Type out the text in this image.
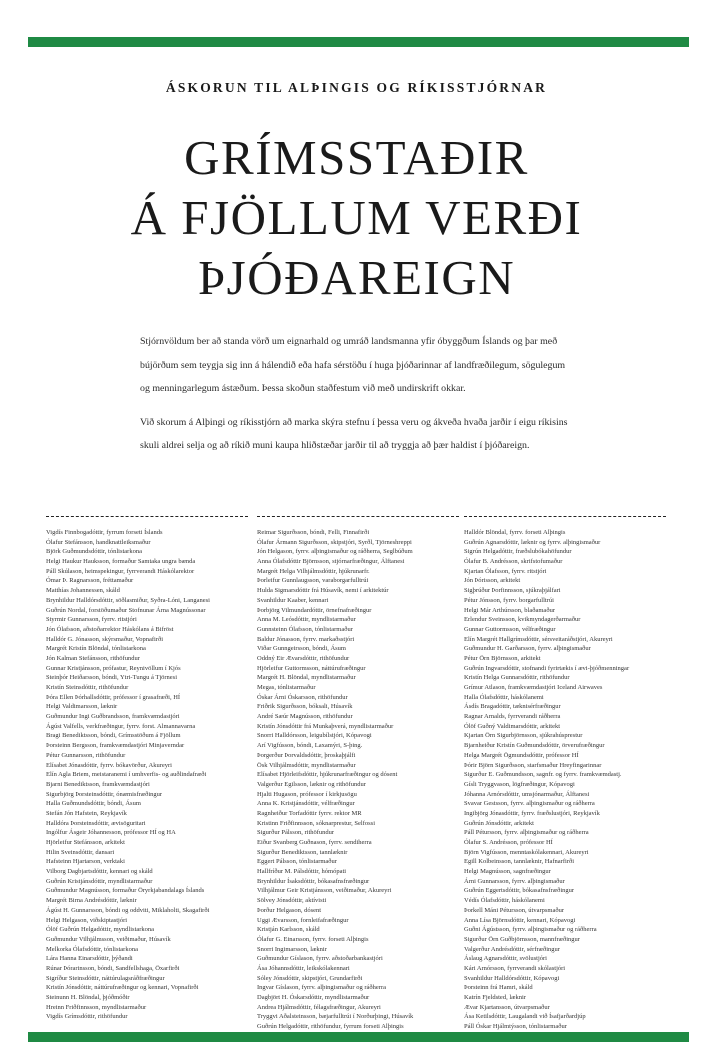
ÁSKORUN TIL ALÞINGIS OG RÍKISSTJÓRNAR
GRÍMSSTAÐIR
Á FJÖLLUM VERÐI
ÞJÓÐAREIGN

Stjórnvöldum ber að standa vörð um eignarhald og umráð landsmanna yfir óbyggðum Íslands og þar með bújörðum sem teygja sig inn á hálendið eða hafa sérstöðu í huga þjóðarinnar af landfræðilegum, sögulegum og menningarlegum ástæðum. Þessa skoðun staðfestum við með undirskrift okkar.

Við skorum á Alþingi og ríkisstjórn að marka skýra stefnu í þessa veru og ákveða hvaða jarðir í eigu ríkisins skuli aldrei selja og að ríkið muni kaupa hliðstæðar jarðir til að tryggja að þær haldist í þjóðareign.

Vigdís Finnbogadóttir, fyrrum forseti Íslands
Ólafur Stefánsson, handknattleiksmaður
Björk Guðmundsdóttir, tónlistarkona
Helgi Haukur Hauksson, formaður Samtaka ungra bænda
Páll Skúlason, heimspekingur, fyrrverandi Háskólarektor
Ómar Þ. Ragnarsson, fréttamaður
Matthías Johannessen, skáld
Brynhildur Halldórsdóttir, söðlasmiður, Syðra-Lóni, Langanesi
Guðrún Nordal, forstöðumaður Stofnunar Árna Magnússonar
Styrmir Gunnarsson, fyrrv. ritstjóri
Jón Ólafsson, aðstoðarrektor Háskólans á Bifröst
Halldór G. Jónasson, skýrsmaður, Vopnafirði
Margrét Kristín Blöndal, tónlistarkona
Jón Kalman Stefánsson, rithöfundur
Gunnar Kristjánsson, prófastur, Reynivöllum í Kjós
Steinþór Heiðarsson, bóndi, Ytri-Tungu á Tjörnesi
Kristín Steinsdóttir, rithöfundur
Þóra Ellen Þórhallsdóttir, prófessor í grasafræði, HÍ
Helgi Valdimarsson, læknir
Guðmundur Ingi Guðbrandsson, framkvæmdastjóri
Ágúst Valfells, verkfræðingur, fyrrv. forst. Almannavarna
Bragi Benediktsson, bóndi, Grímsstöðum á Fjöllum
Þorsteinn Bergsson, framkvæmdastjóri Minjaverndar
Pétur Gunnarsson, rithöfundur
Elísabet Jónasdóttir, fyrrv. bókavörður, Akureyri
Elín Agla Briem, meistaranemi í umhverfis- og auðlindafræði
Bjarni Benediktsson, framkvæmdastjóri
Sigurbjörg Þorsteinsdóttir, ónæmisfræðingur
Halla Guðmundsdóttir, bóndi, Ásum
Stefán Jón Hafstein, Reykjavík
Halldóra Þorsteinsdóttir, ævisöguritari
Ingólfur Ásgeir Jóhannesson, prófessor HÍ og HA
Hjörleifur Stefánsson, arkitekt
Hilin Sveinsdóttir, dansari
Hafsteinn Hjartarson, verktaki
Vilborg Dagbjartsdóttir, kennari og skáld
Guðrún Kristjánsdóttir, myndlistarmaður
Guðmundur Magnússon, formaður Öryrkjabandalags Íslands
Margrét Birna Andrésdóttir, læknir
Ágúst H. Gunnarsson, bóndi og oddviti, Miklaholti, Skagafirði
Helgi Helgason, viðskiptastjóri
Ólöf Guðrún Helgadóttir, myndlistarkona
Guðmundur Vilhjálmsson, veiðimaður, Húsavík
Melkorka Ólafsdóttir, tónlistarkona
Lára Hanna Einarsdóttir, þýðandi
Rúnar Þórarinsson, bóndi, Sandfellshaga, Öxarfirði
Sigríður Steinsdóttir, náttúrulagsráðfræðingur
Kristín Jónsdóttir, náttúrufræðingur og kennari, Vopnafirði
Steinunn H. Blöndal, þjóðmóðir
Hreinn Friðfinnsson, myndlistarmaður
Vigdís Grímsdóttir, rithöfundur
Reimar Sigurðsson, bóndi, Felli, Finnafirði
Ólafur Ármann Sigurðsson, skipstjóri, Syrðl, Tjörneshreppi
Jón Helgason, fyrrv. alþingismaður og ráðherra, Seglbúðum
Anna Ólafsdóttir Björnsson, stjórnarfræðingur, Álftanesi
Margrét Helga Vilhjálmsdóttir, hjúkrunarfr.
Þorleifur Gunnlaugsson, varaborgarfulltrúi
Hulda Sigmarsdóttir frá Húsavík, nemi í arkitektúr
Svanhildur Kaaber, kennari
Þorbjörg Vilmundardóttir, örnefnafræðingur
Anna M. Leósdóttir, myndlistarmaður
Gunnsteinn Ólafsson, tónlistarmaður
Baldur Jónasson, fyrrv. markaðsstjóri
Viðar Gunngeirsson, bóndi, Ásum
Oddný Eir Ævarsdóttir, rithöfundur
Hjörleifur Guttormsson, náttúrufræðingur
Margrét H. Blöndal, myndlistarmaður
Megas, tónlistarmaður
Óskar Árni Óskarsson, rithöfundur
Friðrik Sigurðsson, bóksali, Húsavík
André Sæúr Magnússon, rithöfundur
Kristín Jónsdóttir frá Munkaþverá, myndlistarmaður
Snorri Halldórsson, leigubílstjóri, Kópavogi
Arí Vigfússon, bóndi, Laxamýri, S-þing.
Þorgerður Þorvaldsdóttir, þroskaþjálfi
Ösk Vilhjálmsdóttir, myndlistarmaður
Elísabet Hjörleifsdóttir, hjúkrunarfræðingur og dósent
Valgerður Egilsson, læknir og rithöfundur
Hjalti Hugason, prófessor í kirkjusögu
Anna K. Kristjánsdóttir, vélfræðingur
Ragnheiður Torfadóttir fyrrv. rektor MR
Kristinn Friðfinnsson, sóknarprestur, Selfossi
Sigurður Pálsson, rithöfundur
Eiður Svanberg Guðnason, fyrrv. sendiherra
Sigurður Benediktsson, tannlæknir
Eggert Pálsson, tónlistarmaður
Hallfríður M. Pálsdóttir, hómópati
Brynhildur Ísaksdóttir, bókasafnsfræðingur
Vilhjálmur Geir Kristjánsson, veiðimaður, Akureyri
Sölvey Jónsdóttir, aktívisti
Þorður Helgason, dósent
Uggi Ævarsson, fornleifafræðingur
Kristján Karlsson, skáld
Ólafur G. Einarsson, fyrrv. forseti Alþingis
Snorri Ingimarsson, læknir
Guðmundur Gíslason, fyrrv. aðstoðarbankastjóri
Ása Jóhannsdóttir, leikskólakennari
Sóley Jónsdóttir, skipstjóri, Grundarfirði
Ingvar Gíslason, fyrrv. alþingismaður og ráðherra
Dagbjört H. Óskarsdóttir, myndlistarmaður
Andrea Hjálmsdóttir, félagsfræðingur, Akureyri
Tryggvi Aðalsteinsson, bæjarfulltrúi í Norðurþingi, Húsavík
Guðrún Helgadóttir, rithöfundur, fyrrum forseti Alþingis
Halldór Blöndal, fyrrv. forseti Alþingis
Guðrún Agnarsdóttir, læknir og fyrrv. alþingismaður
Sigrún Helgadóttir, fræðslubókahöfundur
Ólafur B. Andrésson, skrifstofumaður
Kjartan Ólafsson, fyrrv. ritstjóri
Jón Þórisson, arkitekt
Sigþrúður Þorfinnsson, sjúkraþjálfari
Pétur Jónsson, fyrrv. borgarfulltrúi
Helgi Már Arthúrsson, blaðamaður
Erlendur Sveinsson, kvikmyndagerðarmaður
Gunnar Guttormsson, vélfræðingur
Elín Margrét Hallgrímsdóttir, sérsveitaráðstjóri, Akureyri
Guðmundur H. Garðarsson, fyrrv. alþingismaður
Pétur Örn Björnsson, arkitekt
Guðrún Ingvarsdóttir, stofnandi fyrirtækis í ævi-þjóðmenningar
Kristín Helga Gunnarsdóttir, rithöfundur
Grímur Atlason, framkvæmdastjóri Iceland Airwaves
Halla Ólafsdóttir, háskólanemi
Ásdís Bragadóttir, tæknisérfræðingur
Ragnar Arnalds, fyrrverandi ráðherra
Ólöf Guðný Valdimarsdóttir, arkitekt
Kjartan Örn Sigurbjörnsson, sjúkrahúsprestur
Bjarnheiður Kristín Guðmundsdóttir, örverufræðingur
Helga Margrét Ögmundsdóttir, prófessor HÍ
Þórir Björn Sigurðsson, starfsmaður Hreyfingarinnar
Sigurður E. Guðmundsson, sagnfr. og fyrrv. framkvæmdastj.
Gísli Tryggvason, lögfræðingur, Kópavogi
Jóhanna Arnórsdóttir, umsjónarmaður, Álftanesi
Svavar Gestsson, fyrrv. alþingismaður og ráðherra
Ingibjörg Jónasdóttir, fyrrv. fræðslustjóri, Reykjavík
Guðrún Jónsdóttir, arkitekt
Páll Pétursson, fyrrv. alþingismaður og ráðherra
Ólafur S. Andrésson, prófessor HÍ
Björn Vigfússon, menntaskólakennari, Akureyri
Egill Kolbeinsson, tannlæknir, Hafnarfirði
Helgi Magnússon, sagnfræðingur
Árni Gunnarsson, fyrrv. alþingismaður
Guðrún Eggertsdóttir, bókasafnsfræðingur
Védís Ólafsdóttir, háskólanemi
Þorkell Máni Pétursson, útvarpsmaður
Anna Lísa Björnsdóttir, kennari, Kópavogi
Guðni Ágústsson, fyrrv. alþingismaður og ráðherra
Sigurður Örn Guðbjörnsson, mannfræðingur
Valgerður Andrésdóttir, sérfræðingur
Áslaug Agnarsdóttir, svölustjóri
Kári Arnórsson, fyrrverandi skólastjóri
Svanhildur Halldórsdóttir, Kópavogi
Þorsteinn frá Hamri, skáld
Katrín Fjeldsted, læknir
Ævar Kjartansson, útvarpsmaður
Ása Ketilsdóttir, Laugalandi við Ísafjarðardjúp
Páll Óskar Hjálmtýsson, tónlistarmaður
